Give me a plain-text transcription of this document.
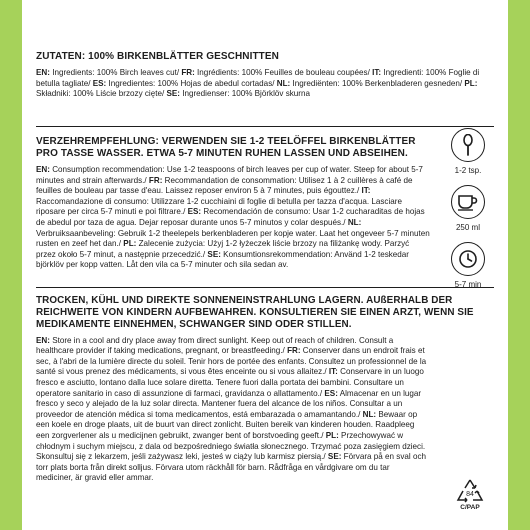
ZUTATEN: 100% BIRKENBLÄTTER GESCHNITTEN

EN: Ingredients: 100% Birch leaves cut/ FR: Ingrédients: 100% Feuilles de bouleau coupées/ IT: Ingredienti: 100% Foglie di betulla tagliate/ ES: Ingredientes: 100% Hojas de abedul cortadas/ NL: Ingrediënten: 100% Berkenbladeren gesneden/ PL: Składniki: 100% Liście brzozy cięte/ SE: Ingredienser: 100% Björklöv skurna

VERZEHREMPFEHLUNG: VERWENDEN SIE 1-2 TEELÖFFEL BIRKENBLÄTTER PRO TASSE WASSER. ETWA 5-7 MINUTEN RUHEN LASSEN UND ABSEIHEN.

EN: Consumption recommendation: Use 1-2 teaspoons of birch leaves per cup of water. Steep for about 5-7 minutes and strain afterwards./ FR: Recommandation de consommation: Utilisez 1 à 2 cuillères à café de feuilles de bouleau par tasse d'eau. Laissez reposer environ 5 à 7 minutes, puis égouttez./ IT: Raccomandazione di consumo: Utilizzare 1-2 cucchiaini di foglie di betulla per tazza d'acqua. Lasciare riposare per circa 5-7 minuti e poi filtrare./ ES: Recomendación de consumo: Usar 1-2 cucharaditas de hojas de abedul por taza de agua. Dejar reposar durante unos 5-7 minutos y colar después./ NL: Verbruiksaanbeveling: Gebruik 1-2 theelepels berkenbladeren per kopje water. Laat het ongeveer 5-7 minuten rusten en zeef het dan./ PL: Zalecenie zużycia: Użyj 1-2 łyżeczek liście brzozy na filiżankę wody. Parzyć przez około 5-7 minut, a następnie przecedzić./ SE: Konsumtionsrekommendation: Använd 1-2 teskedar björklöv per kopp vatten. Låt den vila ca 5-7 minuter och sila sedan av.

1-2 tsp.
250 ml
5-7 min

TROCKEN, KÜHL UND DIREKTE SONNENEINSTRAHLUNG LAGERN. AUßERHALB DER REICHWEITE VON KINDERN AUFBEWAHREN. KONSULTIEREN SIE EINEN ARZT, WENN SIE MEDIKAMENTE EINNEHMEN, SCHWANGER SIND ODER STILLEN.

EN: Store in a cool and dry place away from direct sunlight. Keep out of reach of children. Consult a healthcare provider if taking medications, pregnant, or breastfeeding./ FR: Conserver dans un endroit frais et sec, à l'abri de la lumière directe du soleil. Tenir hors de portée des enfants. Consultez un professionnel de la santé si vous prenez des médicaments, si vous êtes enceinte ou si vous allaitez./ IT: Conservare in un luogo fresco e asciutto, lontano dalla luce solare diretta. Tenere fuori dalla portata dei bambini. Consultare un operatore sanitario in caso di assunzione di farmaci, gravidanza o allattamento./ ES: Almacenar en un lugar fresco y seco y alejado de la luz solar directa. Mantener fuera del alcance de los niños. Consultar a un proveedor de atención médica si toma medicamentos, está embarazada o amamantando./ NL: Bewaar op een koele en droge plaats, uit de buurt van direct zonlicht. Buiten bereik van kinderen houden. Raadpleeg een zorgverlener als u medicijnen gebruikt, zwanger bent of borstvoeding geeft./ PL: Przechowywać w chłodnym i suchym miejscu, z dala od bezpośredniego światła słonecznego. Trzymać poza zasięgiem dzieci. Skonsultuj się z lekarzem, jeśli zażywasz leki, jesteś w ciąży lub karmisz piersią./ SE: Förvara på en sval och torr plats borta från direkt solljus. Förvara utom räckhåll för barn. Rådfråga en vårdgivare om du tar mediciner, är gravid eller ammar.

84
C/PAP
